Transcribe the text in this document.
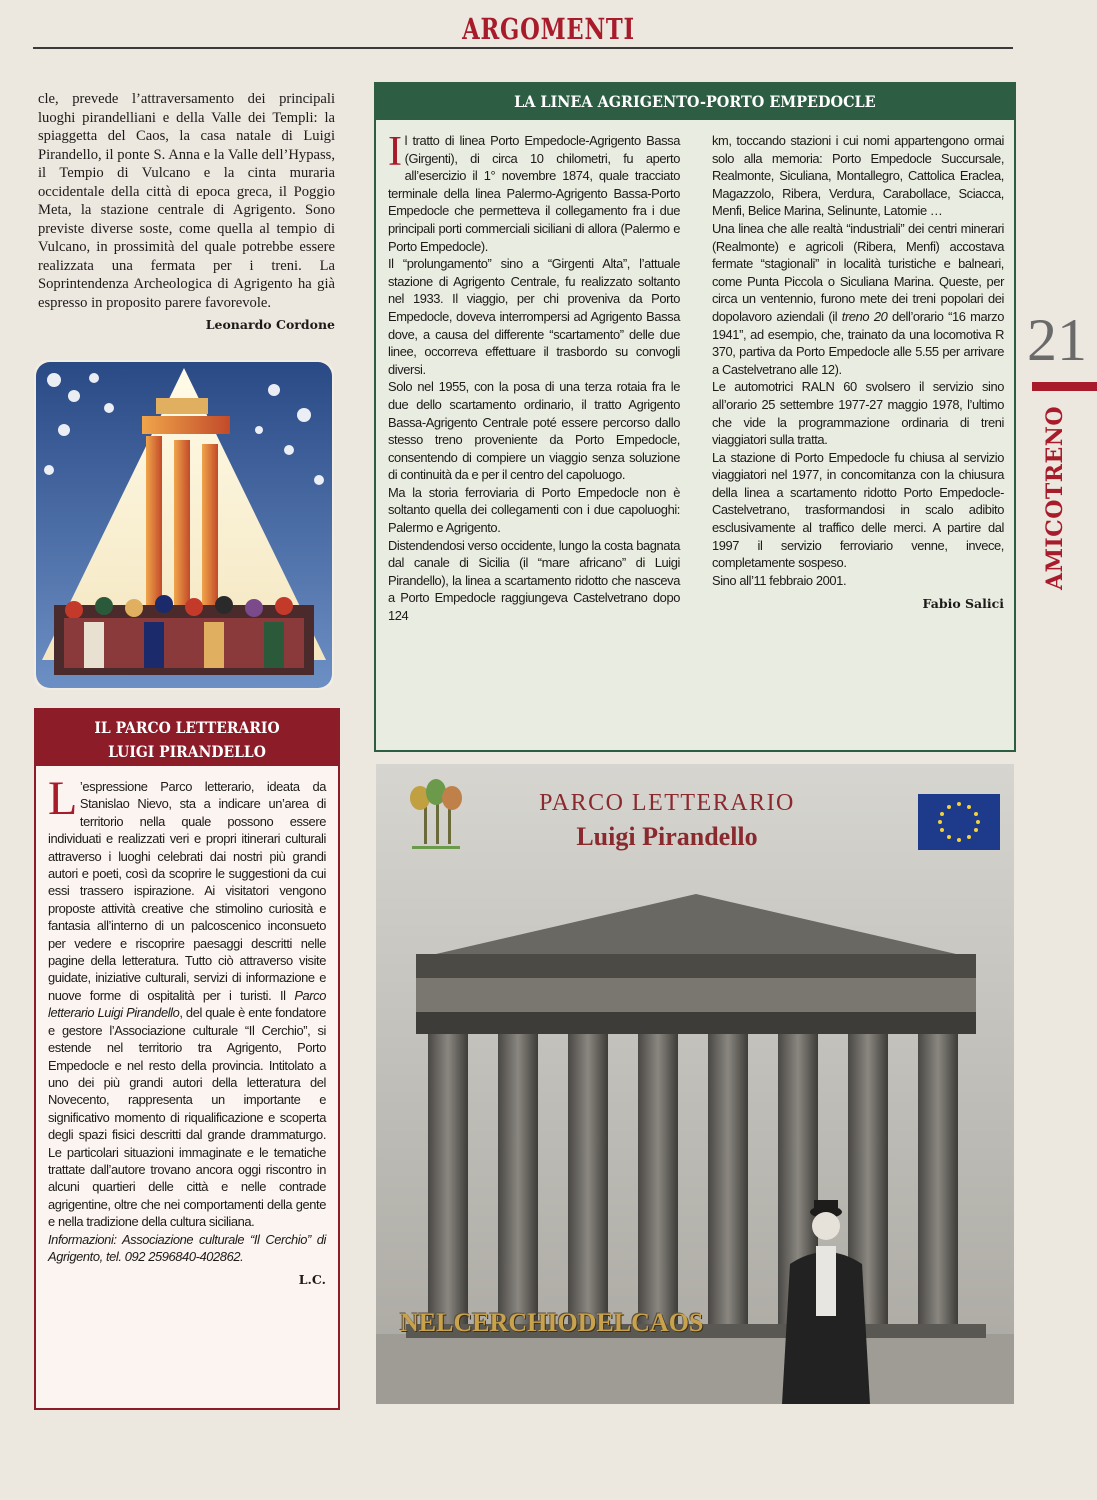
ARGOMENTI
cle, prevede l’attraversamento dei principali luoghi pirandelliani e della Valle dei Templi: la spiaggetta del Caos, la casa natale di Luigi Pirandello, il ponte S. Anna e la Valle dell’Hypass, il Tempio di Vulcano e la cinta muraria occidentale della città di epoca greca, il Poggio Meta, la stazione centrale di Agrigento. Sono previste diverse soste, come quella al tempio di Vulcano, in prossimità del quale potrebbe essere realizzata una fermata per i treni. La Soprintendenza Archeologica di Agrigento ha già espresso in proposito parere favorevole.
Leonardo Cordone
IL PARCO LETTERARIO
LUIGI PIRANDELLO
L ’espressione Parco letterario, ideata da Stanislao Nievo, sta a indicare un’area di territorio nella quale possono essere individuati e realizzati veri e propri itinerari culturali attraverso i luoghi celebrati dai nostri più grandi autori e poeti, così da scoprire le suggestioni da cui essi trassero ispirazione. Ai visitatori vengono proposte attività creative che stimolino curiosità e fantasia all’interno di un palcoscenico inconsueto per vedere e riscoprire paesaggi descritti nelle pagine della letteratura. Tutto ciò attraverso visite guidate, iniziative culturali, servizi di informazione e nuove forme di ospitalità per i turisti. Il Parco letterario Luigi Pirandello, del quale è ente fondatore e gestore l’Associazione culturale “Il Cerchio”, si estende nel territorio tra Agrigento, Porto Empedocle e nel resto della provincia. Intitolato a uno dei più grandi autori della letteratura del Novecento, rappresenta un importante e significativo momento di riqualificazione e scoperta degli spazi fisici descritti dal grande drammaturgo. Le particolari situazioni immaginate e le tematiche trattate dall’autore trovano ancora oggi riscontro in alcuni quartieri delle città e nelle contrade agrigentine, oltre che nei comportamenti della gente e nella tradizione della cultura siciliana.
Informazioni: Associazione culturale “Il Cerchio” di Agrigento, tel. 092 2596840-402862.
L.C.
LA LINEA AGRIGENTO-PORTO EMPEDOCLE

Il tratto di linea Porto Empedocle-Agrigento Bassa (Girgenti), di circa 10 chilometri, fu aperto all’esercizio il 1° novembre 1874, quale tracciato terminale della linea Palermo-Agrigento Bassa-Porto Empedocle che permetteva il collegamento fra i due principali porti commerciali siciliani di allora (Palermo e Porto Empedocle).

Il “prolungamento” sino a “Girgenti Alta”, l’attuale stazione di Agrigento Centrale, fu realizzato soltanto nel 1933. Il viaggio, per chi proveniva da Porto Empedocle, doveva interrompersi ad Agrigento Bassa dove, a causa del differente “scartamento” delle due linee, occorreva effettuare il trasbordo su convogli diversi.

Solo nel 1955, con la posa di una terza rotaia fra le due dello scartamento ordinario, il tratto Agrigento Bassa-Agrigento Centrale poté essere percorso dallo stesso treno proveniente da Porto Empedocle, consentendo di compiere un viaggio senza soluzione di continuità da e per il centro del capoluogo.

Ma la storia ferroviaria di Porto Empedocle non è soltanto quella dei collegamenti con i due capoluoghi: Palermo e Agrigento.

Distendendosi verso occidente, lungo la costa bagnata dal canale di Sicilia (il “mare africano” di Luigi Pirandello), la linea a scartamento ridotto che nasceva a Porto Empedocle raggiungeva Castelvetrano dopo 124

km, toccando stazioni i cui nomi appartengono ormai solo alla memoria: Porto Empedocle Succursale, Realmonte, Siculiana, Montallegro, Cattolica Eraclea, Magazzolo, Ribera, Verdura, Carabollace, Sciacca, Menfi, Belice Marina, Selinunte, Latomie …

Una linea che alle realtà “industriali” dei centri minerari (Realmonte) e agricoli (Ribera, Menfi) accostava fermate “stagionali” in località turistiche e balneari, come Punta Piccola o Siculiana Marina. Queste, per circa un ventennio, furono mete dei treni popolari dei dopolavoro aziendali (il treno 20 dell’orario “16 marzo 1941”, ad esempio, che, trainato da una locomotiva R 370, partiva da Porto Empedocle alle 5.55 per arrivare a Castelvetrano alle 12).

Le automotrici RALN 60 svolsero il servizio sino all’orario 25 settembre 1977-27 maggio 1978, l’ultimo che vide la programmazione ordinaria di treni viaggiatori sulla tratta.

La stazione di Porto Empedocle fu chiusa al servizio viaggiatori nel 1977, in concomitanza con la chiusura della linea a scartamento ridotto Porto Empedocle-Castelvetrano, trasformandosi in scalo adibito esclusivamente al traffico delle merci. A partire dal 1997 il servizio ferroviario venne, invece, completamente sospeso.

Sino all’11 febbraio 2001.

Fabio Salici
21
AMICOTRENO
PARCO LETTERARIO
Luigi Pirandello
NELCERCHIODELCAOS
